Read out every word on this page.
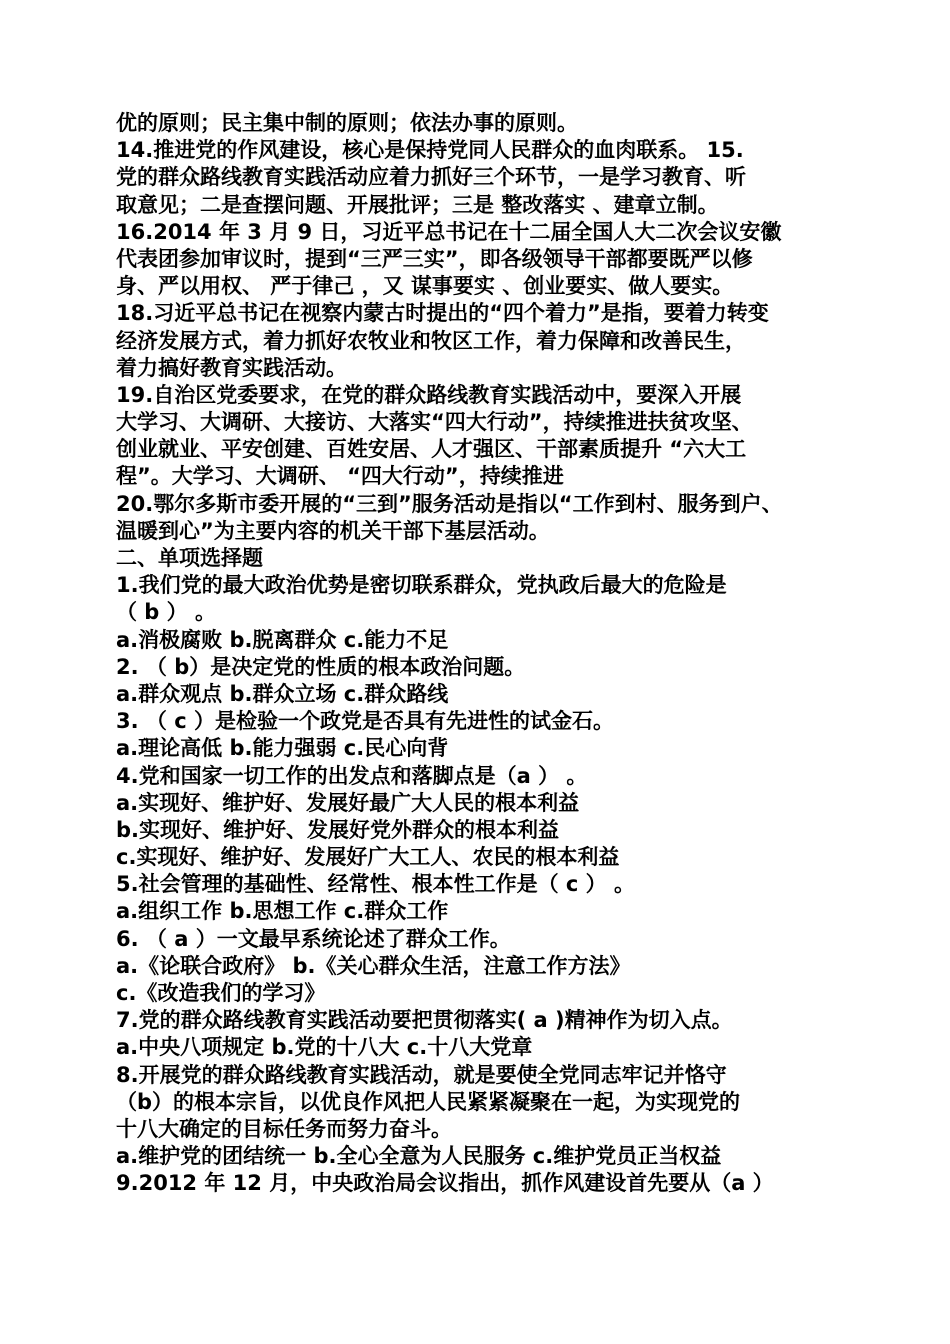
优的原则；民主集中制的原则；依法办事的原则。
14.推进党的作风建设，核心是保持党同人民群众的血肉联系。 15.
党的群众路线教育实践活动应着力抓好三个环节，一是学习教育、听
取意见；二是查摆问题、开展批评；三是 整改落实 、建章立制。
16.2014 年 3 月 9 日，习近平总书记在十二届全国人大二次会议安徽
代表团参加审议时，提到“三严三实”，即各级领导干部都要既严以修
身、严以用权、 严于律己 ，又 谋事要实 、创业要实、做人要实。
18.习近平总书记在视察内蒙古时提出的“四个着力”是指，要着力转变
经济发展方式，着力抓好农牧业和牧区工作，着力保障和改善民生，
着力搞好教育实践活动。
19.自治区党委要求，在党的群众路线教育实践活动中，要深入开展
大学习、大调研、大接访、大落实“四大行动”，持续推进扶贫攻坚、
创业就业、平安创建、百姓安居、人才强区、干部素质提升 “六大工
程”。大学习、大调研、 “四大行动”，持续推进
20.鄂尔多斯市委开展的“三到”服务活动是指以“工作到村、服务到户、
温暖到心”为主要内容的机关干部下基层活动。
二、单项选择题
1.我们党的最大政治优势是密切联系群众，党执政后最大的危险是
（ b ） 。
a.消极腐败 b.脱离群众 c.能力不足
2. （ b）是决定党的性质的根本政治问题。
a.群众观点 b.群众立场 c.群众路线
3. （ c ）是检验一个政党是否具有先进性的试金石。
a.理论高低 b.能力强弱 c.民心向背
4.党和国家一切工作的出发点和落脚点是（a ） 。
a.实现好、维护好、发展好最广大人民的根本利益
b.实现好、维护好、发展好党外群众的根本利益
c.实现好、维护好、发展好广大工人、农民的根本利益
5.社会管理的基础性、经常性、根本性工作是（ c ） 。
a.组织工作 b.思想工作 c.群众工作
6. （ a ）一文最早系统论述了群众工作。
a.《论联合政府》 b.《关心群众生活，注意工作方法》
c.《改造我们的学习》
7.党的群众路线教育实践活动要把贯彻落实( a )精神作为切入点。
a.中央八项规定 b.党的十八大 c.十八大党章
8.开展党的群众路线教育实践活动，就是要使全党同志牢记并恪守
（b）的根本宗旨，以优良作风把人民紧紧凝聚在一起，为实现党的
十八大确定的目标任务而努力奋斗。
a.维护党的团结统一 b.全心全意为人民服务 c.维护党员正当权益
9.2012 年 12 月，中央政治局会议指出，抓作风建设首先要从（a ）
